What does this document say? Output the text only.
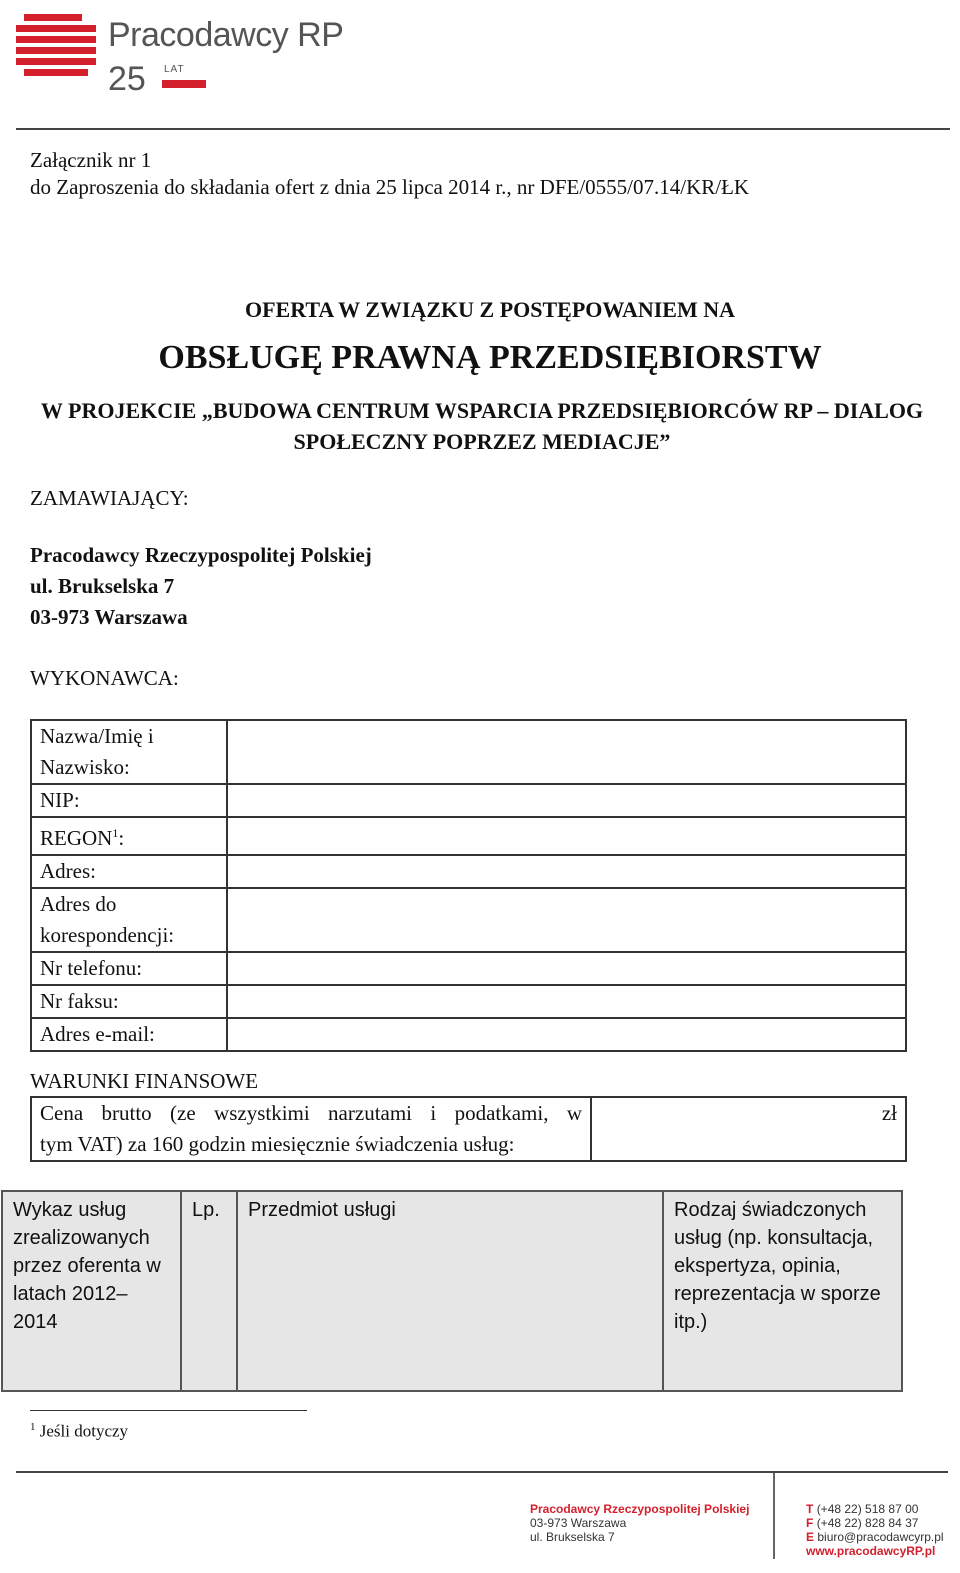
Pracodawcy RP
25 LAT
Załącznik nr 1
do Zaproszenia do składania ofert z dnia 25 lipca 2014 r., nr DFE/0555/07.14/KR/ŁK
OFERTA W ZWIĄZKU Z POSTĘPOWANIEM NA
OBSŁUGĘ PRAWNĄ PRZEDSIĘBIORSTW
W PROJEKCIE „BUDOWA CENTRUM WSPARCIA PRZEDSIĘBIORCÓW RP – DIALOG
SPOŁECZNY POPRZEZ MEDIACJE”
ZAMAWIAJĄCY:
Pracodawcy Rzeczypospolitej Polskiej
ul. Brukselska 7
03-973 Warszawa
WYKONAWCA:
Nazwa/Imię i Nazwisko:	
NIP:	
REGON$^1$:	
Adres:	
Adres do korespondencji:	
Nr telefonu:	
Nr faksu:	
Adres e-mail:	
WARUNKI FINANSOWE
Cena brutto (ze wszystkimi narzutami i podatkami, w
tym VAT) za 160 godzin miesięcznie świadczenia usług:
	zł
Wykaz usług zrealizowanych przez oferenta w latach 2012–2014	Lp.	Przedmiot usługi	Rodzaj świadczonych usług (np. konsultacja, ekspertyza, opinia, reprezentacja w sporze itp.)
$^1$ Jeśli dotyczy
Pracodawcy Rzeczypospolitej Polskiej
03-973 Warszawa
ul. Brukselska 7
T (+48 22) 518 87 00
F (+48 22) 828 84 37
E biuro@pracodawcyrp.pl
www.pracodawcyRP.pl
